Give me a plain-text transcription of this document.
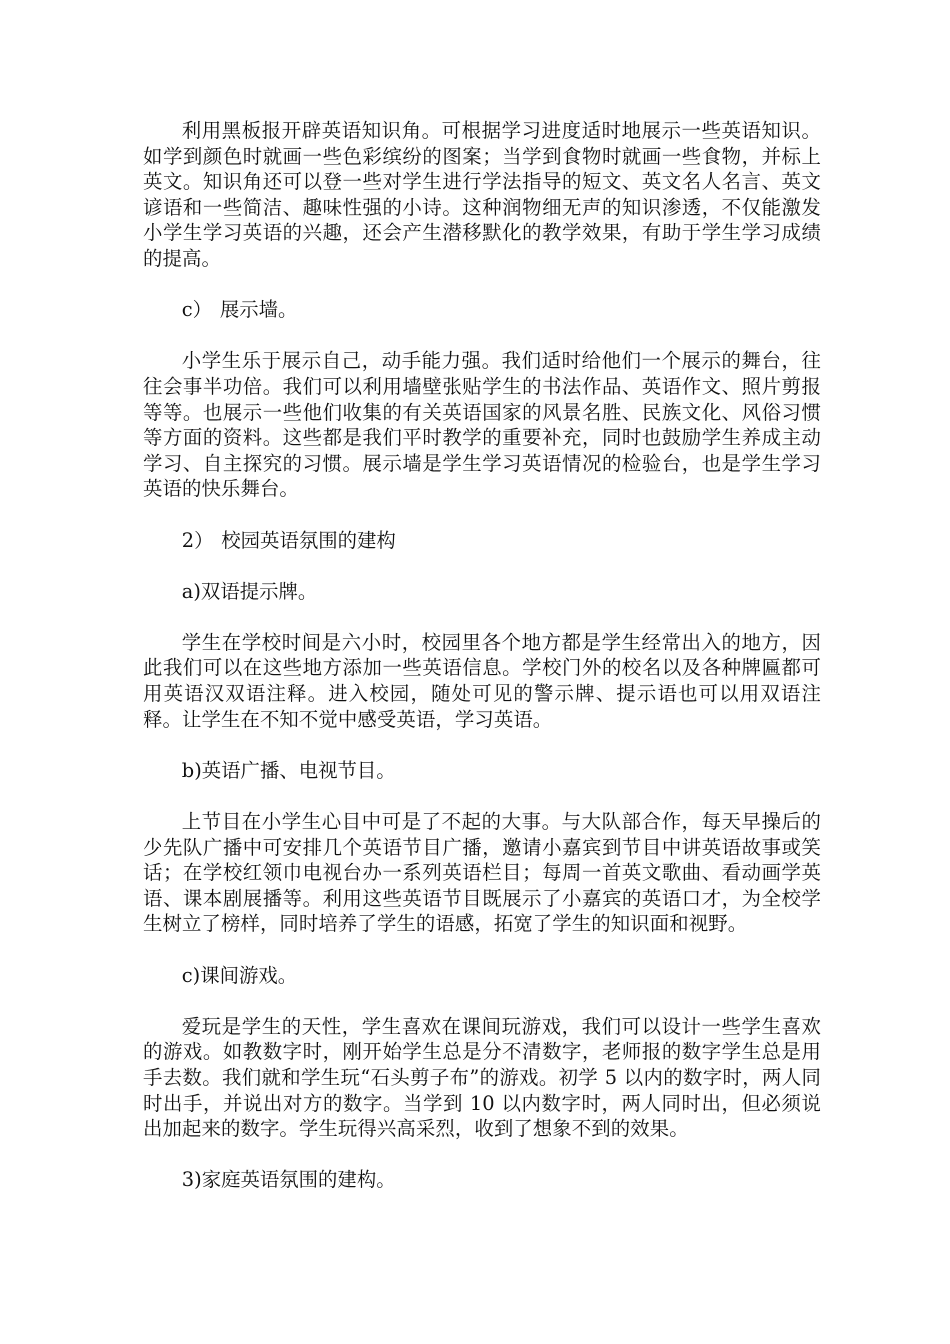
利用黑板报开辟英语知识角。可根据学习进度适时地展示一些英语知识。如学到颜色时就画一些色彩缤纷的图案；当学到食物时就画一些食物，并标上英文。知识角还可以登一些对学生进行学法指导的短文、英文名人名言、英文谚语和一些简洁、趣味性强的小诗。这种润物细无声的知识渗透，不仅能激发小学生学习英语的兴趣，还会产生潜移默化的教学效果，有助于学生学习成绩的提高。

c） 展示墙。

小学生乐于展示自己，动手能力强。我们适时给他们一个展示的舞台，往往会事半功倍。我们可以利用墙壁张贴学生的书法作品、英语作文、照片剪报等等。也展示一些他们收集的有关英语国家的风景名胜、民族文化、风俗习惯等方面的资料。这些都是我们平时教学的重要补充，同时也鼓励学生养成主动学习、自主探究的习惯。展示墙是学生学习英语情况的检验台，也是学生学习英语的快乐舞台。

2） 校园英语氛围的建构

a)双语提示牌。

学生在学校时间是六小时，校园里各个地方都是学生经常出入的地方，因此我们可以在这些地方添加一些英语信息。学校门外的校名以及各种牌匾都可用英语汉双语注释。进入校园，随处可见的警示牌、提示语也可以用双语注释。让学生在不知不觉中感受英语，学习英语。

b)英语广播、电视节目。

上节目在小学生心目中可是了不起的大事。与大队部合作，每天早操后的少先队广播中可安排几个英语节目广播，邀请小嘉宾到节目中讲英语故事或笑话；在学校红领巾电视台办一系列英语栏目；每周一首英文歌曲、看动画学英语、课本剧展播等。利用这些英语节目既展示了小嘉宾的英语口才，为全校学生树立了榜样，同时培养了学生的语感，拓宽了学生的知识面和视野。

c)课间游戏。

爱玩是学生的天性，学生喜欢在课间玩游戏，我们可以设计一些学生喜欢的游戏。如教数字时，刚开始学生总是分不清数字，老师报的数字学生总是用手去数。我们就和学生玩“石头剪子布”的游戏。初学 5 以内的数字时，两人同时出手，并说出对方的数字。当学到 10 以内数字时，两人同时出，但必须说出加起来的数字。学生玩得兴高采烈，收到了想象不到的效果。

3)家庭英语氛围的建构。
